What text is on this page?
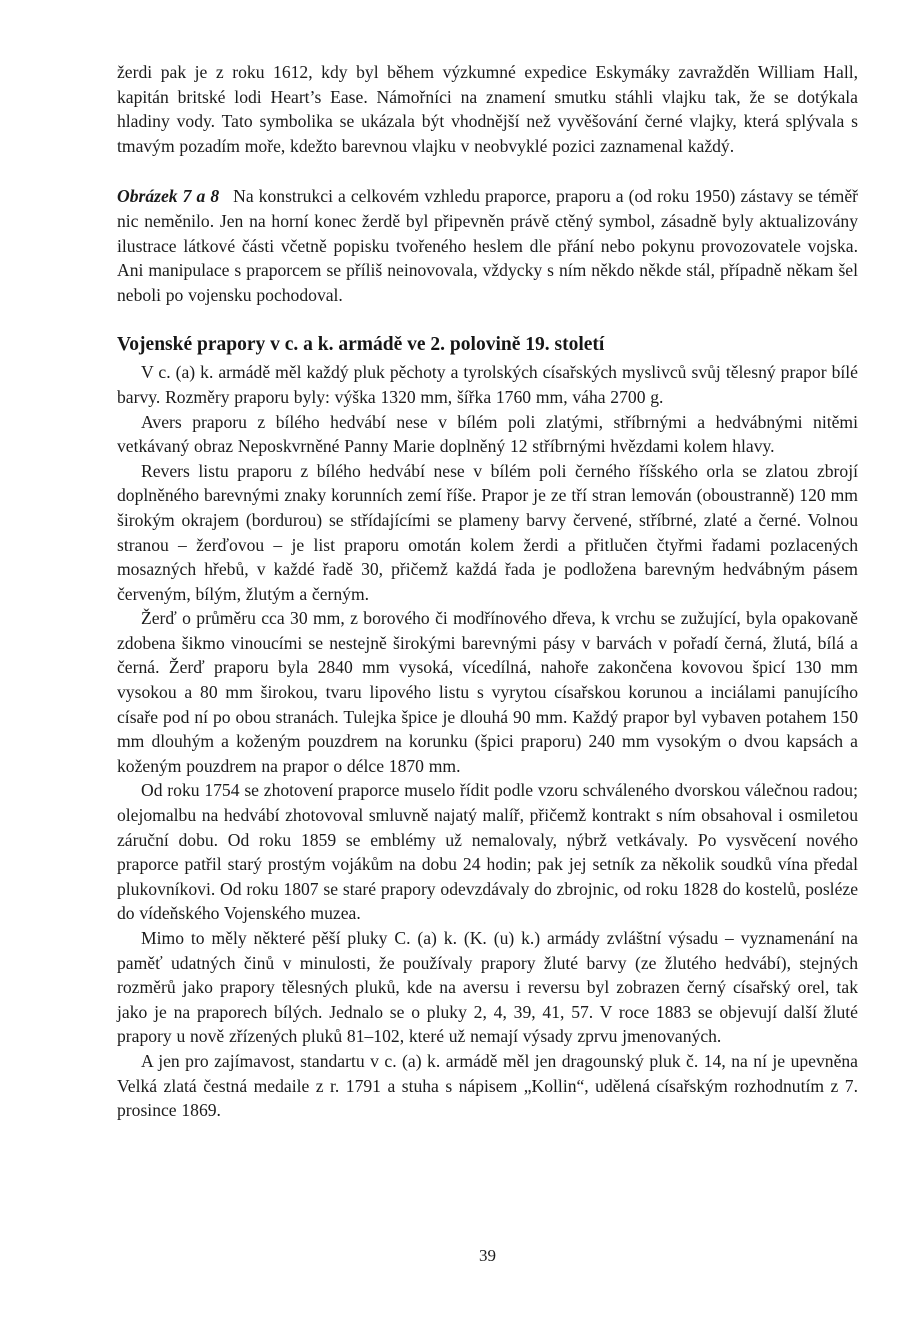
žerdi pak je z roku 1612, kdy byl během výzkumné expedice Eskymáky zavražděn William Hall, kapitán britské lodi Heart’s Ease. Námořníci na znamení smutku stáhli vlajku tak, že se dotýkala hladiny vody. Tato symbolika se ukázala být vhodnější než vyvěšování černé vlajky, která splývala s tmavým pozadím moře, kdežto barevnou vlajku v neobvyklé pozici zaznamenal každý.

Obrázek 7 a 8 Na konstrukci a celkovém vzhledu praporce, praporu a (od roku 1950) zástavy se téměř nic neměnilo. Jen na horní konec žerdě byl připevněn právě ctěný symbol, zásadně byly aktualizovány ilustrace látkové části včetně popisku tvořeného heslem dle přání nebo pokynu provozovatele vojska. Ani manipulace s praporcem se příliš neinovovala, vždycky s ním někdo někde stál, případně někam šel neboli po vojensku pochodoval.

Vojenské prapory v c. a k. armádě ve 2. polovině 19. století

V c. (a) k. armádě měl každý pluk pěchoty a tyrolských císařských myslivců svůj tělesný prapor bílé barvy. Rozměry praporu byly: výška 1320 mm, šířka 1760 mm, váha 2700 g.

Avers praporu z bílého hedvábí nese v bílém poli zlatými, stříbrnými a hedvábnými nitěmi vetkávaný obraz Neposkvrněné Panny Marie doplněný 12 stříbrnými hvězdami kolem hlavy.

Revers listu praporu z bílého hedvábí nese v bílém poli černého říšského orla se zlatou zbrojí doplněného barevnými znaky korunních zemí říše. Prapor je ze tří stran lemován (oboustranně) 120 mm širokým okrajem (bordurou) se střídajícími se plameny barvy červené, stříbrné, zlaté a černé. Volnou stranou – žerďovou – je list praporu omotán kolem žerdi a přitlučen čtyřmi řadami pozlacených mosazných hřebů, v každé řadě 30, přičemž každá řada je podložena barevným hedvábným pásem červeným, bílým, žlutým a černým.

Žerď o průměru cca 30 mm, z borového či modřínového dřeva, k vrchu se zužující, byla opakovaně zdobena šikmo vinoucími se nestejně širokými barevnými pásy v barvách v pořadí černá, žlutá, bílá a černá. Žerď praporu byla 2840 mm vysoká, vícedílná, nahoře zakončena kovovou špicí 130 mm vysokou a 80 mm širokou, tvaru lipového listu s vyrytou císařskou korunou a inciálami panujícího císaře pod ní po obou stranách. Tulejka špice je dlouhá 90 mm. Každý prapor byl vybaven potahem 150 mm dlouhým a koženým pouzdrem na korunku (špici praporu) 240 mm vysokým o dvou kapsách a koženým pouzdrem na prapor o délce 1870 mm.

Od roku 1754 se zhotovení praporce muselo řídit podle vzoru schváleného dvorskou válečnou radou; olejomalbu na hedvábí zhotovoval smluvně najatý malíř, přičemž kontrakt s ním obsahoval i osmiletou záruční dobu. Od roku 1859 se emblémy už nemalovaly, nýbrž vetkávaly. Po vysvěcení nového praporce patřil starý prostým vojákům na dobu 24 hodin; pak jej setník za několik soudků vína předal plukovníkovi. Od roku 1807 se staré prapory odevzdávaly do zbrojnic, od roku 1828 do kostelů, posléze do vídeňského Vojenského muzea.

Mimo to měly některé pěší pluky C. (a) k. (K. (u) k.) armády zvláštní výsadu – vyznamenání na paměť udatných činů v minulosti, že používaly prapory žluté barvy (ze žlutého hedvábí), stejných rozměrů jako prapory tělesných pluků, kde na aversu i reversu byl zobrazen černý císařský orel, tak jako je na praporech bílých. Jednalo se o pluky 2, 4, 39, 41, 57. V roce 1883 se objevují další žluté prapory u nově zřízených pluků 81–102, které už nemají výsady zprvu jmenovaných.

A jen pro zajímavost, standartu v c. (a) k. armádě měl jen dragounský pluk č. 14, na ní je upevněna Velká zlatá čestná medaile z r. 1791 a stuha s nápisem „Kollin“, udělená císařským rozhodnutím z 7. prosince 1869.

39
